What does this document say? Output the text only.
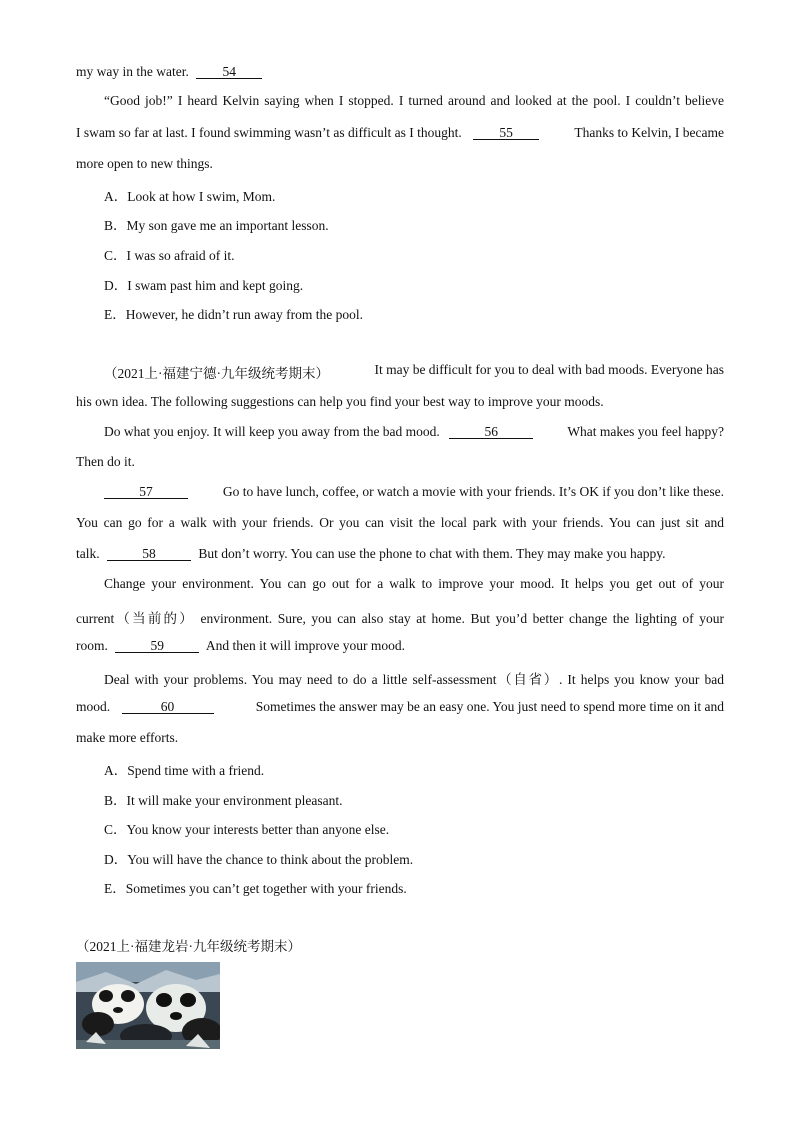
my way in the water. 54
“Good job!” I heard Kelvin saying when I stopped. I turned around and looked at the pool. I couldn’t believe
I swam so far at last. I found swimming wasn’t as difficult as I thought.	55	Thanks to Kelvin, I became
more open to new things.
A．Look at how I swim, Mom.
B．My son gave me an important lesson.
C．I was so afraid of it.
D．I swam past him and kept going.
E．However, he didn’t run away from the pool.
（2021上·福建宁德·九年级统考期末）	It may be difficult for you to deal with bad moods. Everyone has
his own idea. The following suggestions can help you find your best way to improve your moods.
Do what you enjoy. It will keep you away from the bad mood.	56	What makes you feel happy?
Then do it.
57	Go to have lunch, coffee, or watch a movie with your friends. It’s OK if you don’t like these.
You can go for a walk with your friends. Or you can visit the local park with your friends. You can just sit and
talk.	58	But don’t worry. You can use the phone to chat with them. They may make you happy.
Change your environment. You can go out for a walk to improve your mood. It helps you get out of your
current（当前的） environment. Sure, you can also stay at home. But you’d better change the lighting of your
room.	59	And then it will improve your mood.
Deal with your problems. You may need to do a little self-assessment（自省）. It helps you know your bad
mood.	60	Sometimes the answer may be an easy one. You just need to spend more time on it and
make more efforts.
A．Spend time with a friend.
B．It will make your environment pleasant.
C．You know your interests better than anyone else.
D．You will have the chance to think about the problem.
E．Sometimes you can’t get together with your friends.
（2021上·福建龙岩·九年级统考期末）
